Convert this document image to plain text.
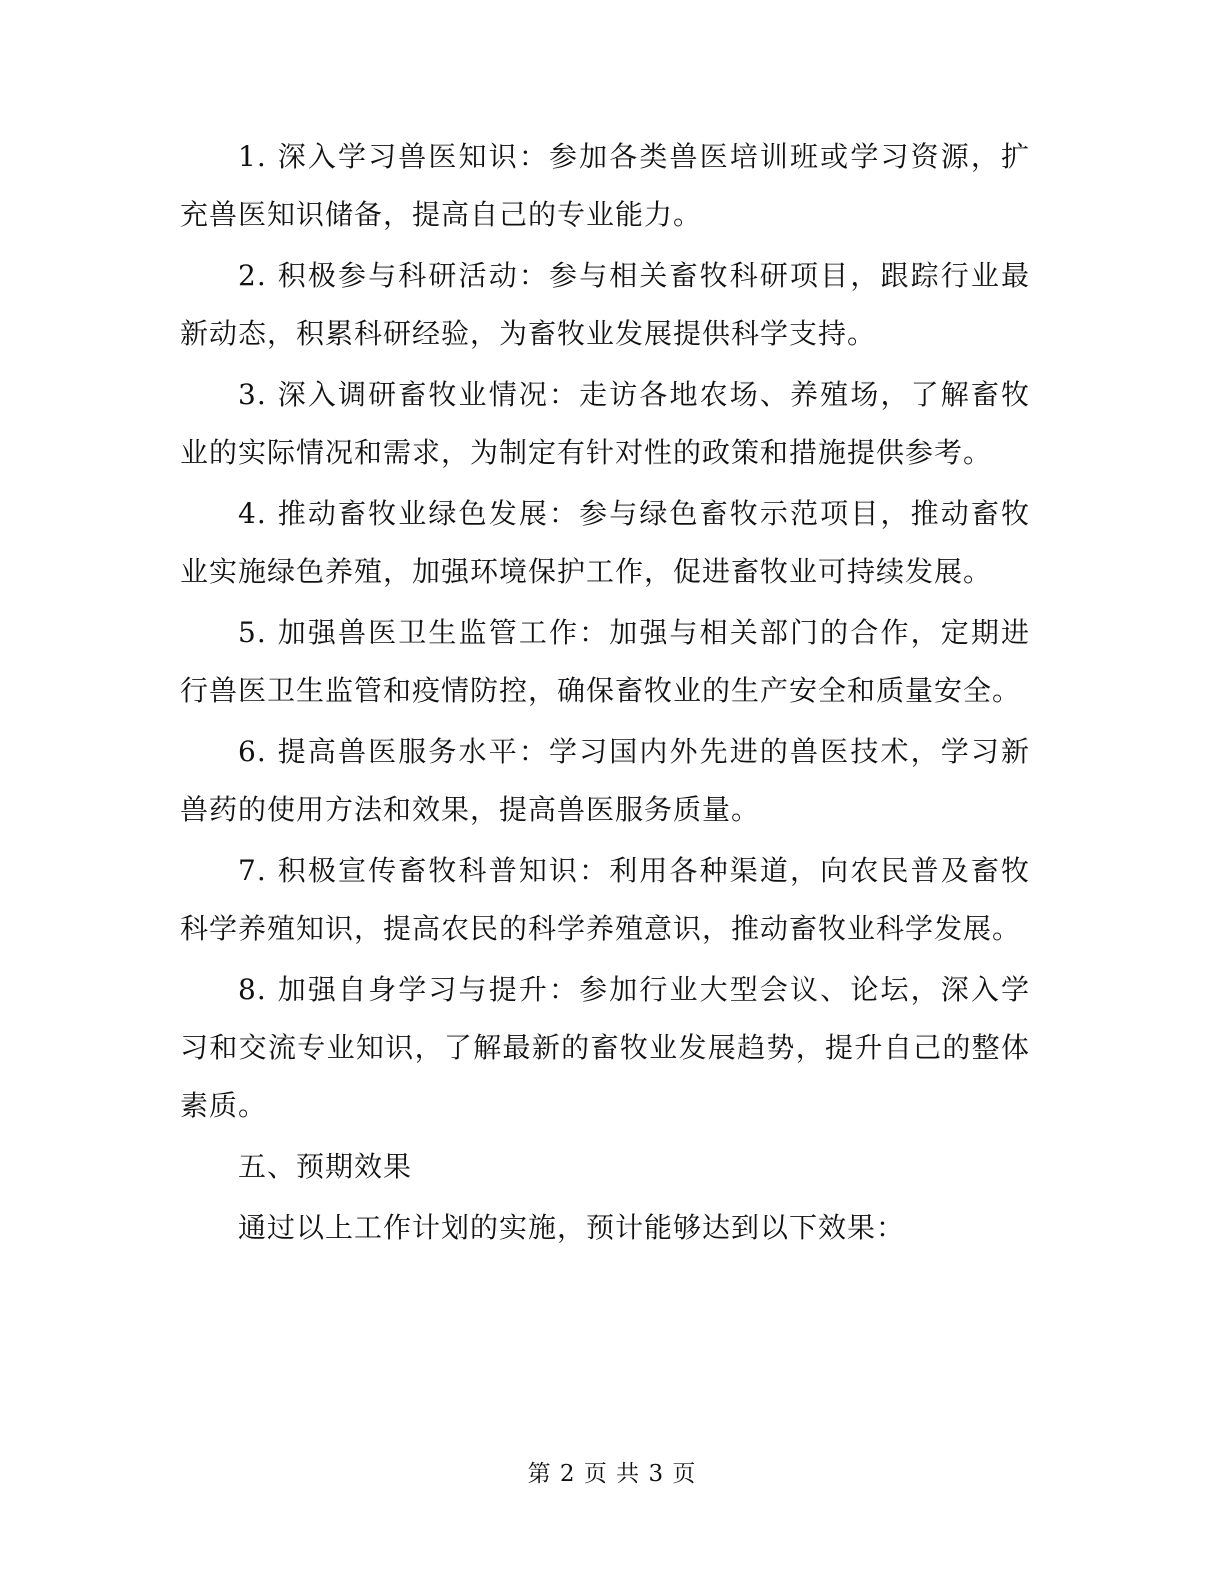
1. 深入学习兽医知识：参加各类兽医培训班或学习资源，扩充兽医知识储备，提高自己的专业能力。

2. 积极参与科研活动：参与相关畜牧科研项目，跟踪行业最新动态，积累科研经验，为畜牧业发展提供科学支持。

3. 深入调研畜牧业情况：走访各地农场、养殖场，了解畜牧业的实际情况和需求，为制定有针对性的政策和措施提供参考。

4. 推动畜牧业绿色发展：参与绿色畜牧示范项目，推动畜牧业实施绿色养殖，加强环境保护工作，促进畜牧业可持续发展。

5. 加强兽医卫生监管工作：加强与相关部门的合作，定期进行兽医卫生监管和疫情防控，确保畜牧业的生产安全和质量安全。

6. 提高兽医服务水平：学习国内外先进的兽医技术，学习新兽药的使用方法和效果，提高兽医服务质量。

7. 积极宣传畜牧科普知识：利用各种渠道，向农民普及畜牧科学养殖知识，提高农民的科学养殖意识，推动畜牧业科学发展。

8. 加强自身学习与提升：参加行业大型会议、论坛，深入学习和交流专业知识，了解最新的畜牧业发展趋势，提升自己的整体素质。

五、预期效果

通过以上工作计划的实施，预计能够达到以下效果：

第 2 页 共 3 页
